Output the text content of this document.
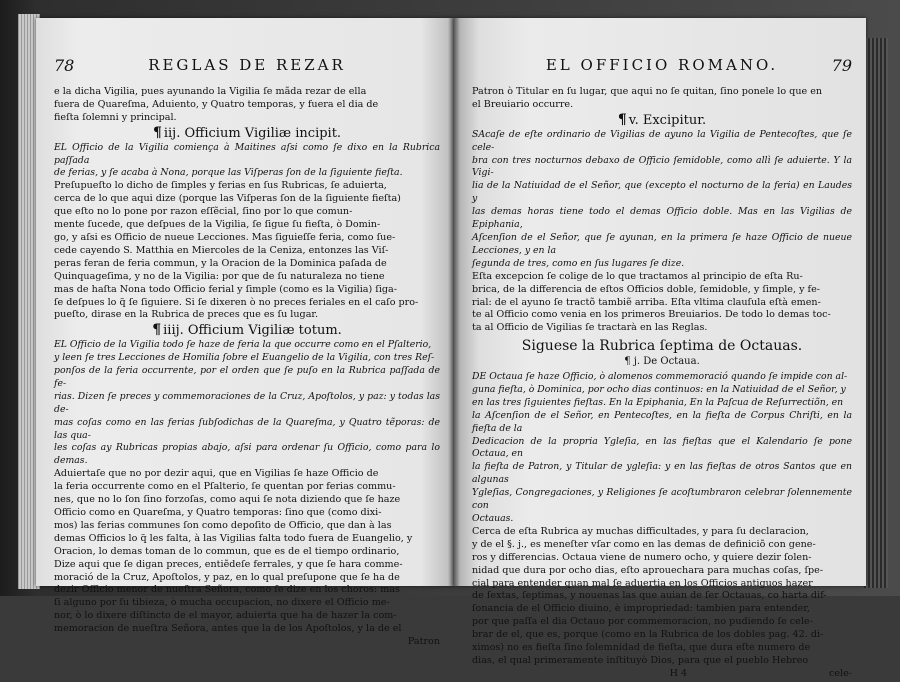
78	REGLAS DE REZAR

e la dicha Vigilia, pues ayunando la Vigilia ſe mãda rezar de ella

fuera de Quareſma, Aduiento, y Quatro temporas, y fuera el dia de

fieſta ſolemni y principal.

¶ iij. Officium Vigiliæ incipit.

EL Officio de la Vigilia comiença à Maitines aſsi como ſe dixo en la Rubrica paſſada

de ferias, y ſe acaba à Nona, porque las Viſperas ſon de la ſiguiente fieſta.

Preſupueſto lo dicho de ſimples y ferias en ſus Rubricas, ſe aduierta,

cerca de lo que aqui dize (porque las Viſperas ſon de la ſiguiente fieſta)

que eſto no lo pone por razon eſſẽcial, ſino por lo que comun-

mente ſucede, que deſpues de la Vigilia, ſe ſigue ſu fieſta, ò Domin-

go, y aſsi es Officio de nueue Lecciones. Mas ſiguieſſe feria, como ſue-

cede cayendo S. Matthia en Miercoles de la Ceniza, entonzes las Viſ-

peras feran de feria commun, y la Oracion de la Dominica paſada de

Quinquageſima, y no de la Vigilia: por que de ſu naturaleza no tiene

mas de haſta Nona todo Officio ferial y ſimple (como es la Vigilia) ſiga-

ſe deſpues lo q̃ ſe ſiguiere. Si ſe dixeren ò no preces feriales en el caſo pro-

pueſto, dirase en la Rubrica de preces que es ſu lugar.

¶ iiij. Officium Vigiliæ totum.

EL Officio de la Vigilia todo ſe haze de feria la que occurre como en el Pſalterio,

y leen ſe tres Lecciones de Homilia ſobre el Euangelio de la Vigilia, con tres Reſ-

ponſos de la feria occurrente, por el orden que ſe puſo en la Rubrica paſſada de fe-

rias. Dizen ſe preces y commemoraciones de la Cruz, Apoſtolos, y paz: y todas las de-

mas coſas como en las ferias ſubſodichas de la Quareſma, y Quatro tẽporas: de las qua-

les coſas ay Rubricas propias abajo, aſsi para ordenar ſu Officio, como para lo demas.

Aduiertaſe que no por dezir aqui, que en Vigilias ſe haze Officio de

la feria occurrente como en el Pſalterio, ſe quentan por ferias commu-

nes, que no lo ſon ſino forzoſas, como aqui ſe nota diziendo que ſe haze

Officio como en Quareſma, y Quatro temporas: ſino que (como dixi-

mos) las ferias communes ſon como depoſito de Officio, que dan à las

demas Officios lo q̃ les falta, à las Vigilias falta todo fuera de Euangelio, y

Oracion, lo demas toman de lo commun, que es de el tiempo ordinario,

Dize aqui que ſe digan preces, entiẽdeſe ferrales, y que ſe hara comme-

moració de la Cruz, Apoſtolos, y paz, en lo qual preſupone que ſe ha de

dezir Officio menor de nueſtra Señora, como ſe dize en los choros: mas

ſi alguno por ſu tibieza, ò mucha occupacion, no dixere el Officio me-

nor, ò lo dixere diſtincto de el mayor, aduierta que ha de hazer la com-

memoracion de nueſtra Señora, antes que la de los Apoſtolos, y la de el

Patron
EL OFFICIO ROMANO.	79

Patron ò Titular en ſu lugar, que aqui no ſe quitan, ſino ponele lo que en

el Breuiario occurre.

¶ v. Excipitur.

SAcaſe de eſte ordinario de Vigilias de ayuno la Vigilia de Pentecoſtes, que ſe cele-

bra con tres nocturnos debaxo de Officio ſemidoble, como allì ſe aduierte. Y la Vigi-

lia de la Natiuidad de el Señor, que (excepto el nocturno de la feria) en Laudes y

las demas horas tiene todo el demas Officio doble. Mas en las Vigilias de Epiphania,

Aſcenſion de el Señor, que ſe ayunan, en la primera ſe haze Officio de nueue Lecciones, y en la

ſegunda de tres, como en ſus lugares ſe dize.

Eſta excepcion ſe colige de lo que tractamos al principio de eſta Ru-

brica, de la differencia de eſtos Officios doble, ſemidoble, y ſimple, y fe-

rial: de el ayuno ſe tractõ tambiẽ arriba. Eſta vltima clauſula eſtà emen-

te al Officio como venia en los primeros Breuiarios. De todo lo demas toc-

ta al Officio de Vigilias ſe tractarà en las Reglas.

Siguese la Rubrica ſeptima de Octauas.
¶ j. De Octaua.

DE Octaua ſe haze Officio, ò alomenos commemoració quando ſe impide con al-

guna fieſta, ò Dominica, por ocho dias continuos: en la Natiuidad de el Señor, y

en las tres ſiguientes fieſtas. En la Epiphania, En la Paſcua de Reſurrectiõn, en

la Aſcenſion de el Señor, en Pentecoſtes, en la fieſta de Corpus Chriſti, en la fieſta de la

Dedicacion de la propria Ygleſia, en las fieſtas que el Kalendario ſe pone Octaua, en

la fieſta de Patron, y Titular de ygleſia: y en las fieſtas de otros Santos que en algunas

Ygleſias, Congregaciones, y Religiones ſe acoſtumbraron celebrar ſolennemente con

Octauas.

Cerca de eſta Rubrica ay muchas difficultades, y para ſu declaracion,

y de el §. j., es meneſter vſar como en las demas de definiciõ con gene-

ros y differencias. Octaua viene de numero ocho, y quiere dezir ſolen-

nidad que dura por ocho dias, eſto aprouechara para muchas coſas, ſpe-

cial para entender quan mal ſe aduertia en los Officios antiguos hazer

de ſextas, ſeptimas, y nouenas las que auian de ſer Octauas, co harta dif-

ſonancia de el Officio diuino, è impropriedad: tambien para entender,

por que paſſa el dia Octauo por commemoracion, no pudiendo ſe cele-

brar de el, que es, porque (como en la Rubrica de los dobles pag. 42. di-

ximos) no es fieſta ſino ſolemnidad de fieſta, que dura eſte numero de

dias, el qual primeramente inſtituyò Dios, para que el pueblo Hebreo

H 4	cele-
